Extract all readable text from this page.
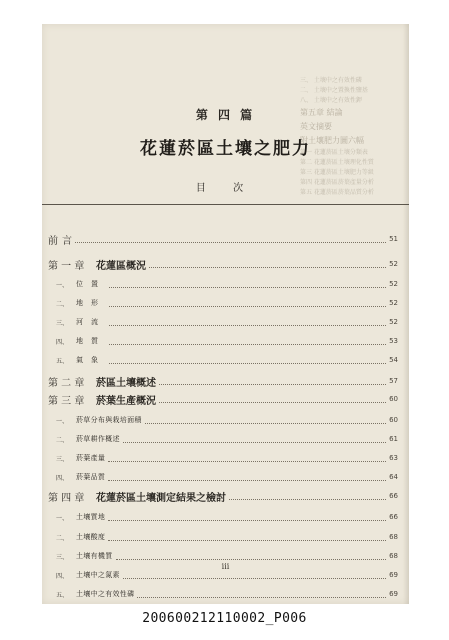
三、 土壤中之有效性磷
二、 土壤中之置換性鹽基
八、 土壤中之有效性鉀
第五章 結論
英文摘要
附土壤肥力圖六幅
第一 花蓮菸區土壤分類表
第二 花蓮菸區土壤理化性質
第三 花蓮菸區土壤肥力等級
第四 花蓮菸區菸葉產量分析
第五 花蓮菸區菸葉品質分析
第 四 篇
花蓮菸區土壤之肥力
目 次
前 言	51
第 一 章	花蓮區概況	52
一、 位置	52
二、 地形	52
三、 河流	52
四、 地質	53
五、 氣象	54
第 二 章	菸區土壤概述	57
第 三 章	菸葉生產概況	60
一、 菸草分布與栽培面積	60
二、 菸草耕作概述	61
三、 菸葉產量	63
四、 菸葉品質	64
第 四 章	花蓮菸區土壤測定結果之檢討	66
一、 土壤質地	66
二、 土壤酸度	68
三、 土壤有機質	68
四、 土壤中之氮素	69
五、 土壤中之有效性磷	69
iii
200600212110002_P006
